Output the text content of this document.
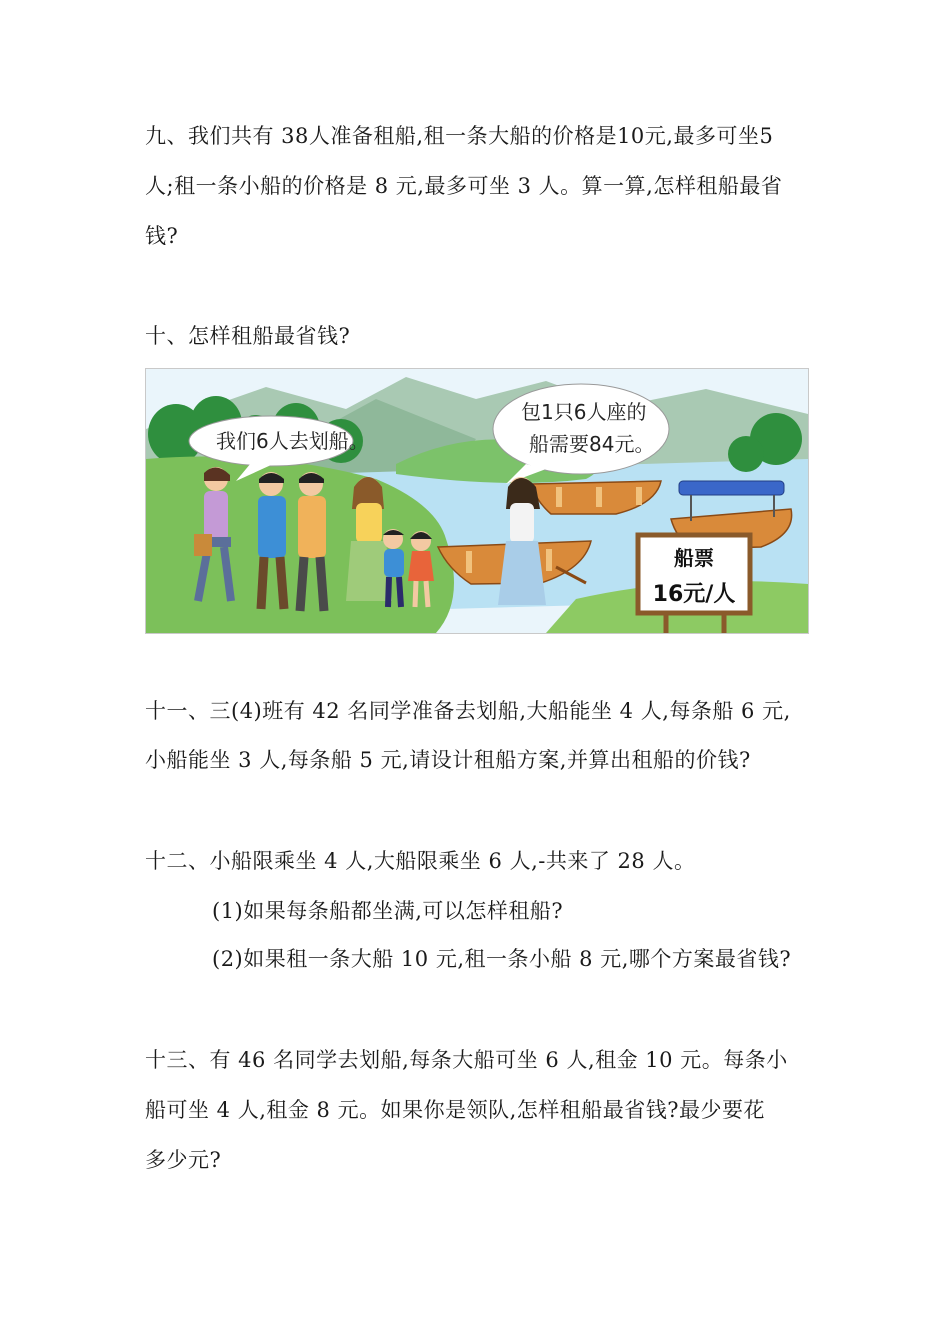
九、我们共有 38人准备租船,租一条大船的价格是10元,最多可坐5
人;租一条小船的价格是 8 元,最多可坐 3 人。算一算,怎样租船最省
钱?
十、怎样租船最省钱?
我们6人去划船。
包1只6人座的
船需要84元。
船票
16元/人
十一、三(4)班有 42 名同学准备去划船,大船能坐 4 人,每条船 6 元,
小船能坐 3 人,每条船 5 元,请设计租船方案,并算出租船的价钱?
十二、小船限乘坐 4 人,大船限乘坐 6 人,-共来了 28 人。
(1)如果每条船都坐满,可以怎样租船?
(2)如果租一条大船 10 元,租一条小船 8 元,哪个方案最省钱?
十三、有 46 名同学去划船,每条大船可坐 6 人,租金 10 元。每条小
船可坐 4 人,租金 8 元。如果你是领队,怎样租船最省钱?最少要花
多少元?
